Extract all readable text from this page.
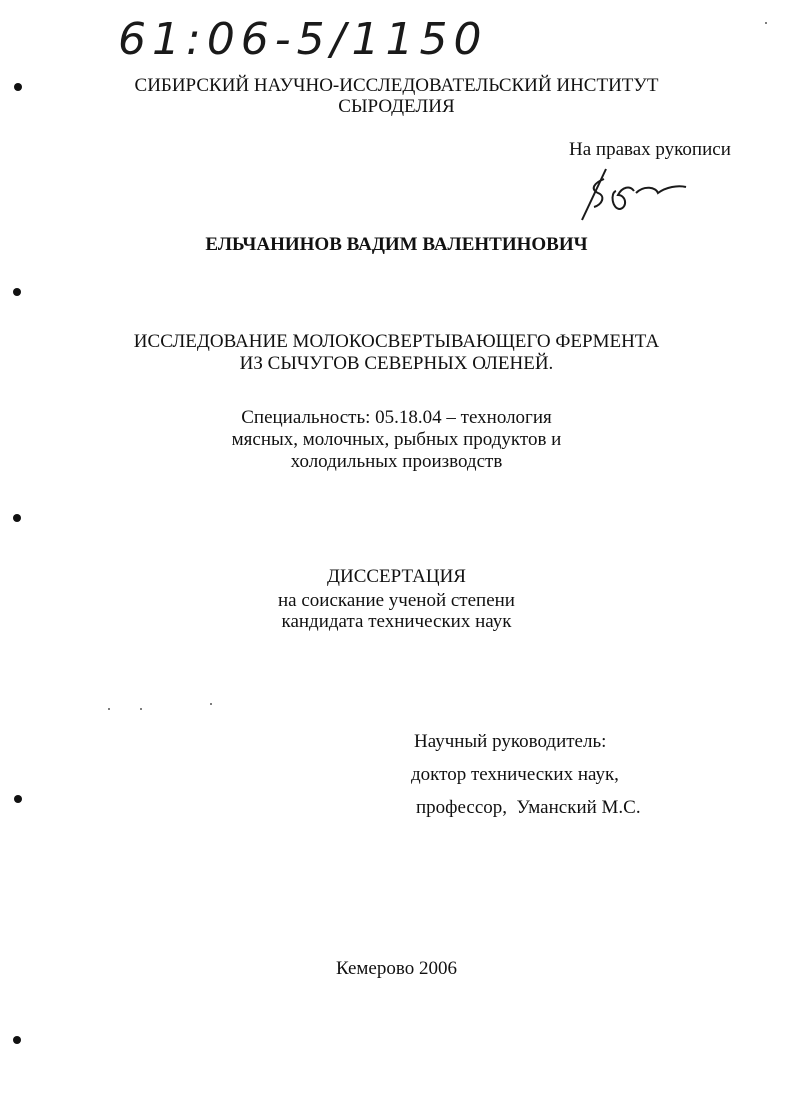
61:06-5/1150
СИБИРСКИЙ НАУЧНО-ИССЛЕДОВАТЕЛЬСКИЙ ИНСТИТУТ
СЫРОДЕЛИЯ
На правах рукописи
ЕЛЬЧАНИНОВ ВАДИМ ВАЛЕНТИНОВИЧ
ИССЛЕДОВАНИЕ МОЛОКОСВЕРТЫВАЮЩЕГО ФЕРМЕНТА
ИЗ СЫЧУГОВ СЕВЕРНЫХ ОЛЕНЕЙ.
Специальность: 05.18.04 – технология
мясных, молочных, рыбных продуктов и
холодильных производств
ДИССЕРТАЦИЯ
на соискание ученой степени
кандидата технических наук
Научный руководитель:
доктор технических наук,
профессор,  Уманский М.С.
Кемерово 2006
